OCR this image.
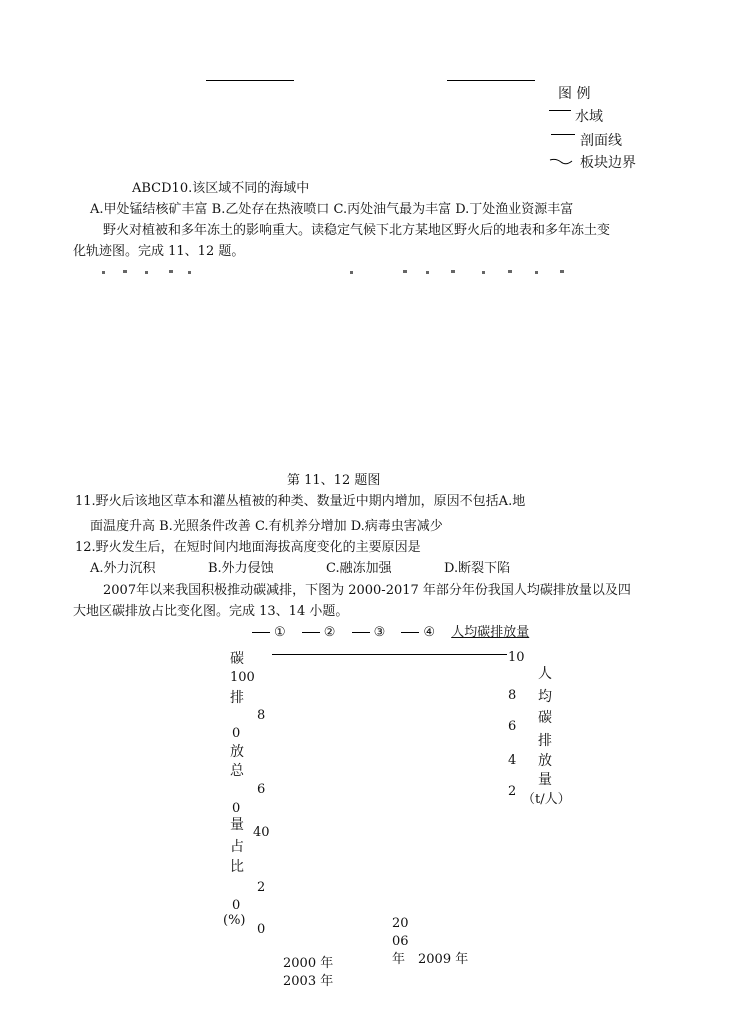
图 例
水域
剖面线
板块边界
ABCD10.该区域不同的海域中
A.甲处锰结核矿丰富 B.乙处存在热液喷口 C.丙处油气最为丰富 D.丁处渔业资源丰富
野火对植被和多年冻土的影响重大。读稳定气候下北方某地区野火后的地表和多年冻土变
化轨迹图。完成 11、12 题。
第 11、12 题图
11.野火后该地区草本和灌丛植被的种类、数量近中期内增加，原因不包括A.地
面温度升高 B.光照条件改善 C.有机养分增加 D.病毒虫害减少
12.野火发生后，在短时间内地面海拔高度变化的主要原因是
A.外力沉积	B.外力侵蚀	C.融冻加强	D.断裂下陷
2007年以来我国积极推动碳减排，下图为 2000-2017 年部分年份我国人均碳排放量以及四
大地区碳排放占比变化图。完成 13、14 小题。
①	②	③	④ 人均碳排放量
碳
排
放
总
量
占
比
(%)
100
8
0
6
0
40
2
0
0
10
8
6
4
2
人
均
碳
排
放
量
（t/人）
2000 年
2003 年
20
06
年 2009 年
